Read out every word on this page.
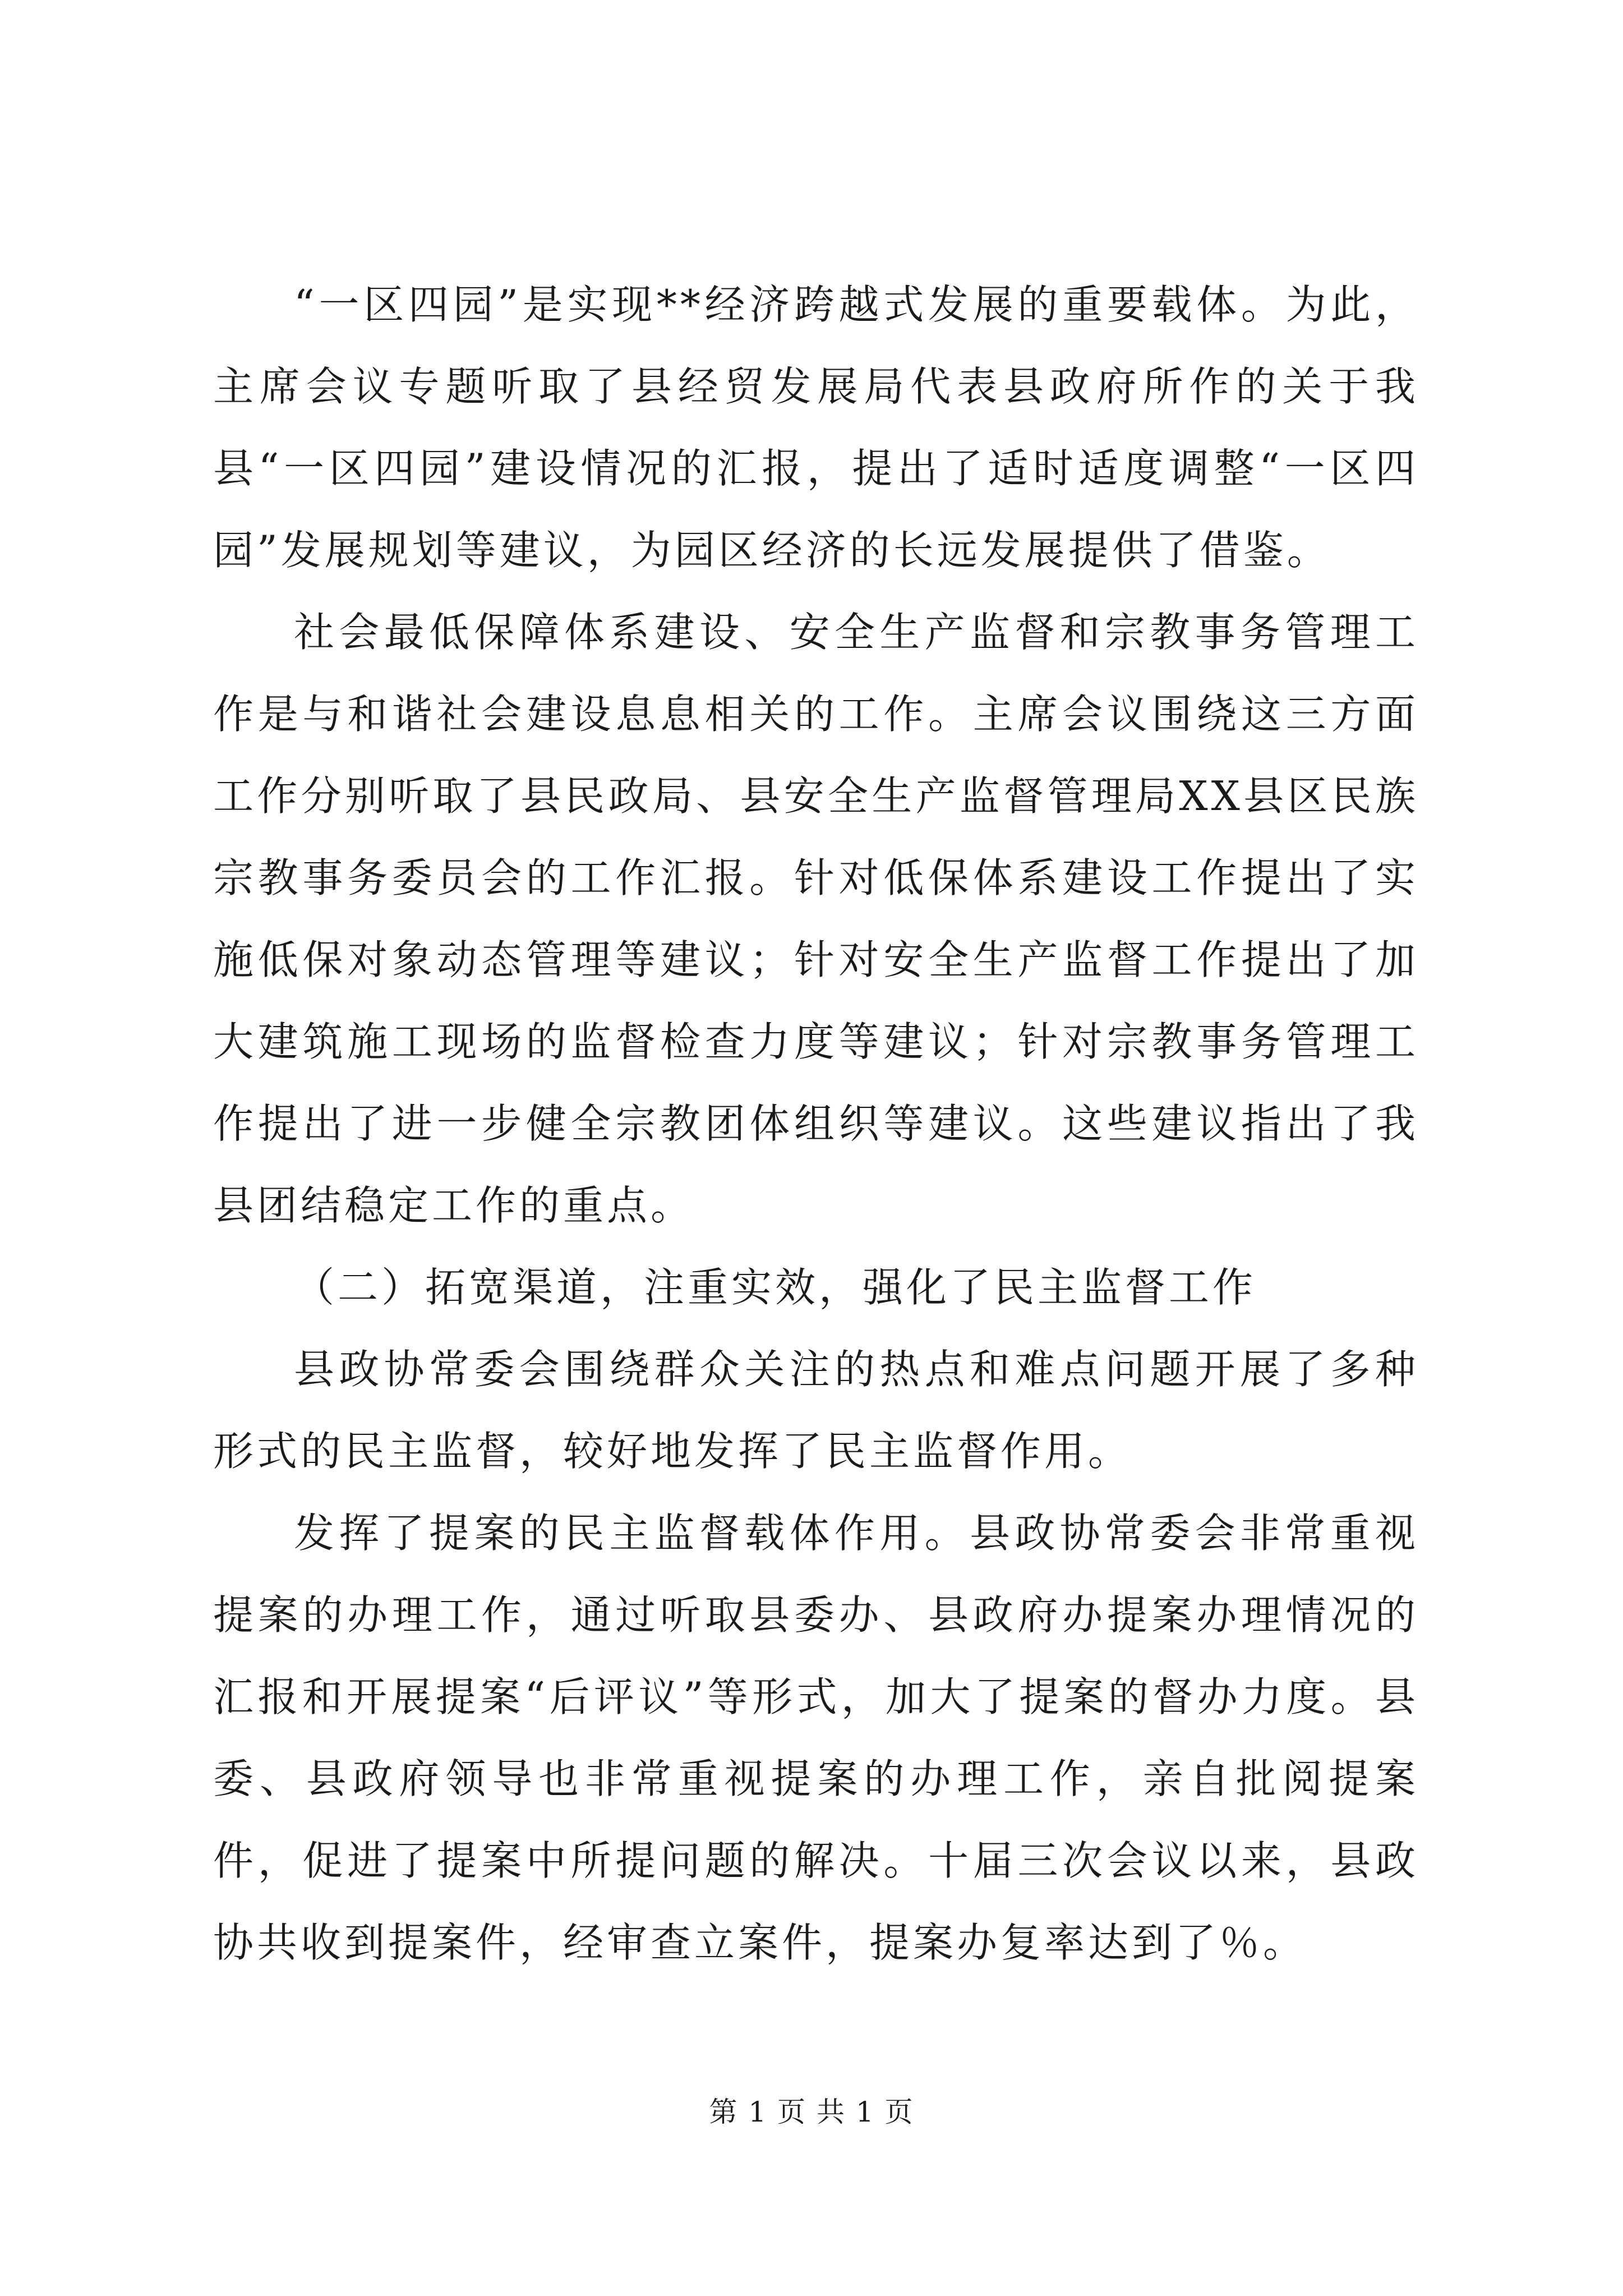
“一区四园”是实现**经济跨越式发展的重要载体。为此，主席会议专题听取了县经贸发展局代表县政府所作的关于我县“一区四园”建设情况的汇报，提出了适时适度调整“一区四园”发展规划等建议，为园区经济的长远发展提供了借鉴。

社会最低保障体系建设、安全生产监督和宗教事务管理工作是与和谐社会建设息息相关的工作。主席会议围绕这三方面工作分别听取了县民政局、县安全生产监督管理局XX县区民族宗教事务委员会的工作汇报。针对低保体系建设工作提出了实施低保对象动态管理等建议；针对安全生产监督工作提出了加大建筑施工现场的监督检查力度等建议；针对宗教事务管理工作提出了进一步健全宗教团体组织等建议。这些建议指出了我县团结稳定工作的重点。

（二）拓宽渠道，注重实效，强化了民主监督工作

县政协常委会围绕群众关注的热点和难点问题开展了多种形式的民主监督，较好地发挥了民主监督作用。

发挥了提案的民主监督载体作用。县政协常委会非常重视提案的办理工作，通过听取县委办、县政府办提案办理情况的汇报和开展提案“后评议”等形式，加大了提案的督办力度。县委、县政府领导也非常重视提案的办理工作，亲自批阅提案件，促进了提案中所提问题的解决。十届三次会议以来，县政协共收到提案件，经审查立案件，提案办复率达到了％。

第 1 页 共 1 页
